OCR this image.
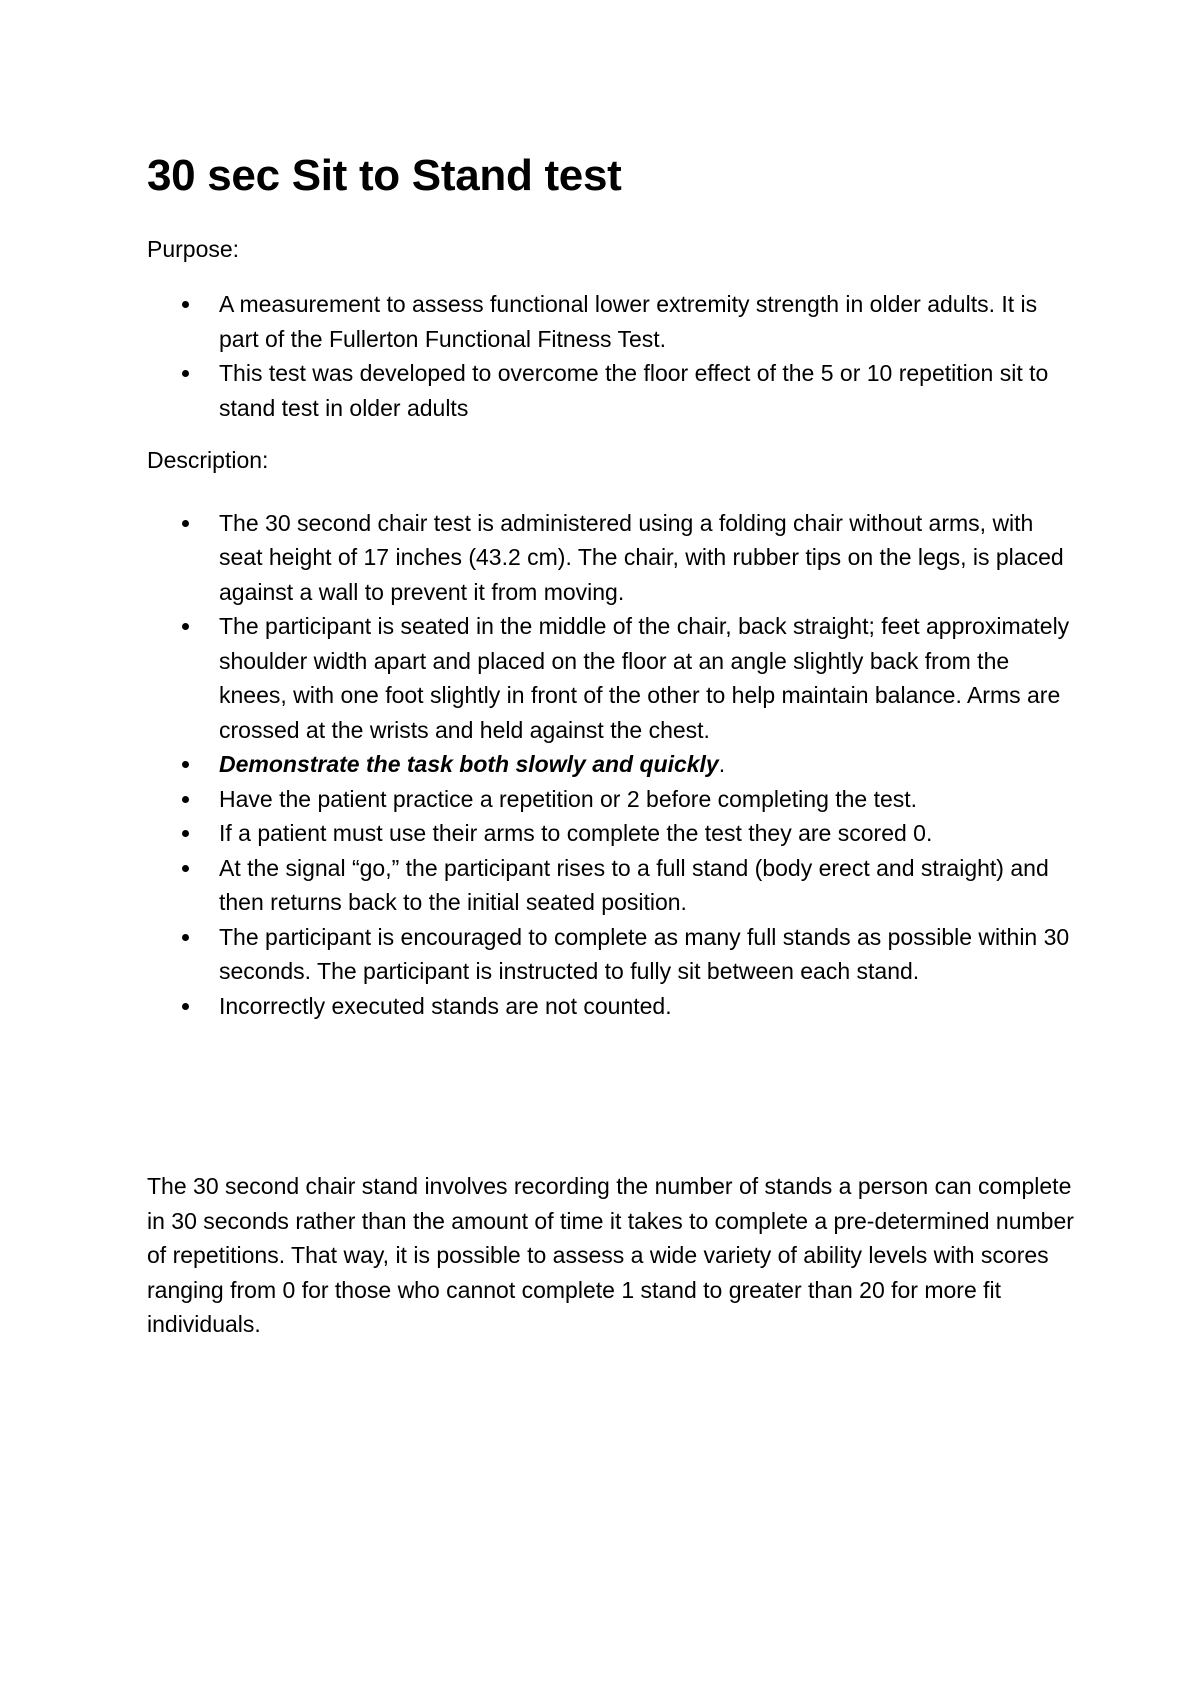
30 sec Sit to Stand test

Purpose:

A measurement to assess functional lower extremity strength in older adults. It is part of the Fullerton Functional Fitness Test.
This test was developed to overcome the floor effect of the 5 or 10 repetition sit to stand test in older adults

Description:

The 30 second chair test is administered using a folding chair without arms, with seat height of 17 inches (43.2 cm). The chair, with rubber tips on the legs, is placed against a wall to prevent it from moving.
The participant is seated in the middle of the chair, back straight; feet approximately shoulder width apart and placed on the floor at an angle slightly back from the knees, with one foot slightly in front of the other to help maintain balance. Arms are crossed at the wrists and held against the chest.
Demonstrate the task both slowly and quickly.
Have the patient practice a repetition or 2 before completing the test.
If a patient must use their arms to complete the test they are scored 0.
At the signal “go,” the participant rises to a full stand (body erect and straight) and then returns back to the initial seated position.
The participant is encouraged to complete as many full stands as possible within 30 seconds. The participant is instructed to fully sit between each stand.
Incorrectly executed stands are not counted.

The 30 second chair stand involves recording the number of stands a person can complete in 30 seconds rather than the amount of time it takes to complete a pre-determined number of repetitions. That way, it is possible to assess a wide variety of ability levels with scores ranging from 0 for those who cannot complete 1 stand to greater than 20 for more fit individuals.
